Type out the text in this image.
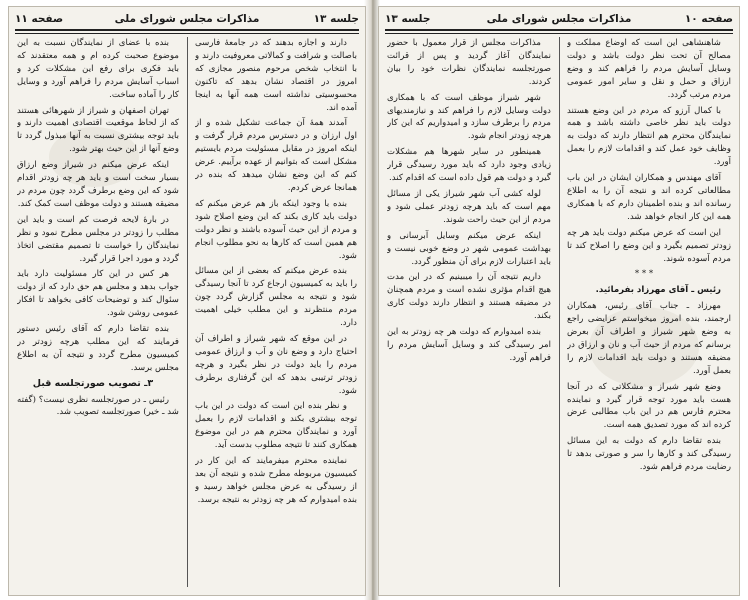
جلسه ۱۳
مذاکرات مجلس شورای ملی
صفحه ۱۱

دارند و اجازه بدهند که در جامعهٔ فارسی باصالت و شرافت و کمالاتی معروفیت دارند و با انتخاب شخص مرحوم منصور مجازی که امروز در اقتصاد نشان بدهد که تاکنون محسوسیتی نداشته است همه آنها به اینجا آمده اند.

آمدند همهٔ آن جماعت تشکیل شده و از اول ارزان و در دسترس مردم قرار گرفت و اینکه امروز در مقابل مسئولیت مردم بایستیم مشکل است که بتوانیم از عهده برآییم. عرض کنم که این وضع نشان میدهد که بنده در همانجا عرض کردم.

بنده با وجود اینکه باز هم عرض میکنم که دولت باید کاری بکند که این وضع اصلاح شود و مردم از این حیث آسوده باشند و نظر دولت هم همین است که کارها به نحو مطلوب انجام شود.

بنده عرض میکنم که بعضی از این مسائل را باید به کمیسیون ارجاع کرد تا آنجا رسیدگی شود و نتیجه به مجلس گزارش گردد چون مردم منتظرند و این مطلب خیلی اهمیت دارد.

در این موقع که شهر شیراز و اطراف آن احتیاج دارد و وضع نان و آب و ارزاق عمومی مردم را باید دولت در نظر بگیرد و هرچه زودتر ترتیبی بدهد که این گرفتاری برطرف شود.

و نظر بنده این است که دولت در این باب توجه بیشتری بکند و اقدامات لازم را بعمل آورد و نمایندگان محترم هم در این موضوع همکاری کنند تا نتیجه مطلوب بدست آید.

نماینده محترم میفرمایند که این کار در کمیسیون مربوطه مطرح شده و نتیجه آن بعد از رسیدگی به عرض مجلس خواهد رسید و بنده امیدوارم که هر چه زودتر به نتیجه برسد.

بنده با عضای از نمایندگان نسبت به این موضوع صحبت کرده ام و همه معتقدند که باید فکری برای رفع این مشکلات کرد و اسباب آسایش مردم را فراهم آورد و وسایل کار را آماده ساخت.

تهران اصفهان و شیراز از شهرهائی هستند که از لحاظ موقعیت اقتصادی اهمیت دارند و باید توجه بیشتری نسبت به آنها مبذول گردد تا وضع آنها از این حیث بهتر شود.

اینکه عرض میکنم در شیراز وضع ارزاق بسیار سخت است و باید هر چه زودتر اقدام شود که این وضع برطرف گردد چون مردم در مضیقه هستند و دولت موظف است کمک کند.

در بارهٔ لایحه فرصت کم است و باید این مطلب را زودتر در مجلس مطرح نمود و نظر نمایندگان را خواست تا تصمیم مقتضی اتخاذ گردد و مورد اجرا قرار گیرد.

هر کس در این کار مسئولیت دارد باید جواب بدهد و مجلس هم حق دارد که از دولت سئوال کند و توضیحات کافی بخواهد تا افکار عمومی روشن شود.

بنده تقاضا دارم که آقای رئیس دستور فرمایند که این مطلب هرچه زودتر در کمیسیون مطرح گردد و نتیجه آن به اطلاع مجلس برسد.

۳ـ تصویب صورتجلسه قبل

رئیس ـ در صورتجلسه نظری نیست؟ (گفته شد ـ خیر) صورتجلسه تصویب شد.

صفحه ۱۰
مذاکرات مجلس شورای ملی
جلسه ۱۳

شاهنشاهی این است که اوضاع مملکت و مصالح آن تحت نظر دولت باشد و دولت وسایل آسایش مردم را فراهم کند و وضع ارزاق و حمل و نقل و سایر امور عمومی مردم مرتب گردد.

با کمال آرزو که مردم در این وضع هستند دولت باید نظر خاصی داشته باشد و همه نمایندگان محترم هم انتظار دارند که دولت به وظایف خود عمل کند و اقدامات لازم را بعمل آورد.

آقای مهندس و همکاران ایشان در این باب مطالعاتی کرده اند و نتیجه آن را به اطلاع رسانده اند و بنده اطمینان دارم که با همکاری همه این کار انجام خواهد شد.

این است که عرض میکنم دولت باید هر چه زودتر تصمیم بگیرد و این وضع را اصلاح کند تا مردم آسوده شوند.

* * *

رئیس ـ آقای مهرزاد بفرمائید.

مهرزاد ـ جناب آقای رئیس، همکاران ارجمند، بنده امروز میخواستم عرایضی راجع به وضع شهر شیراز و اطراف آن بعرض برسانم که مردم از حیث آب و نان و ارزاق در مضیقه هستند و دولت باید اقدامات لازم را بعمل آورد.

وضع شهر شیراز و مشکلاتی که در آنجا هست باید مورد توجه قرار گیرد و نماینده محترم فارس هم در این باب مطالبی عرض کرده اند که مورد تصدیق همه است.

بنده تقاضا دارم که دولت به این مسائل رسیدگی کند و کارها را سر و صورتی بدهد تا رضایت مردم فراهم شود.

مذاکرات مجلس از قرار معمول با حضور نمایندگان آغاز گردید و پس از قرائت صورتجلسه نمایندگان نظرات خود را بیان کردند.

شهر شیراز موظف است که با همکاری دولت وسایل لازم را فراهم کند و نیازمندیهای مردم را برطرف سازد و امیدواریم که این کار هرچه زودتر انجام شود.

همینطور در سایر شهرها هم مشکلات زیادی وجود دارد که باید مورد رسیدگی قرار گیرد و دولت هم قول داده است که اقدام کند.

لوله کشی آب شهر شیراز یکی از مسائل مهم است که باید هرچه زودتر عملی شود و مردم از این حیث راحت شوند.

اینکه عرض میکنم وسایل آبرسانی و بهداشت عمومی شهر در وضع خوبی نیست و باید اعتبارات لازم برای آن منظور گردد.

داریم نتیجه آن را میبینیم که در این مدت هیچ اقدام مؤثری نشده است و مردم همچنان در مضیقه هستند و انتظار دارند دولت کاری بکند.

بنده امیدوارم که دولت هر چه زودتر به این امر رسیدگی کند و وسایل آسایش مردم را فراهم آورد.
